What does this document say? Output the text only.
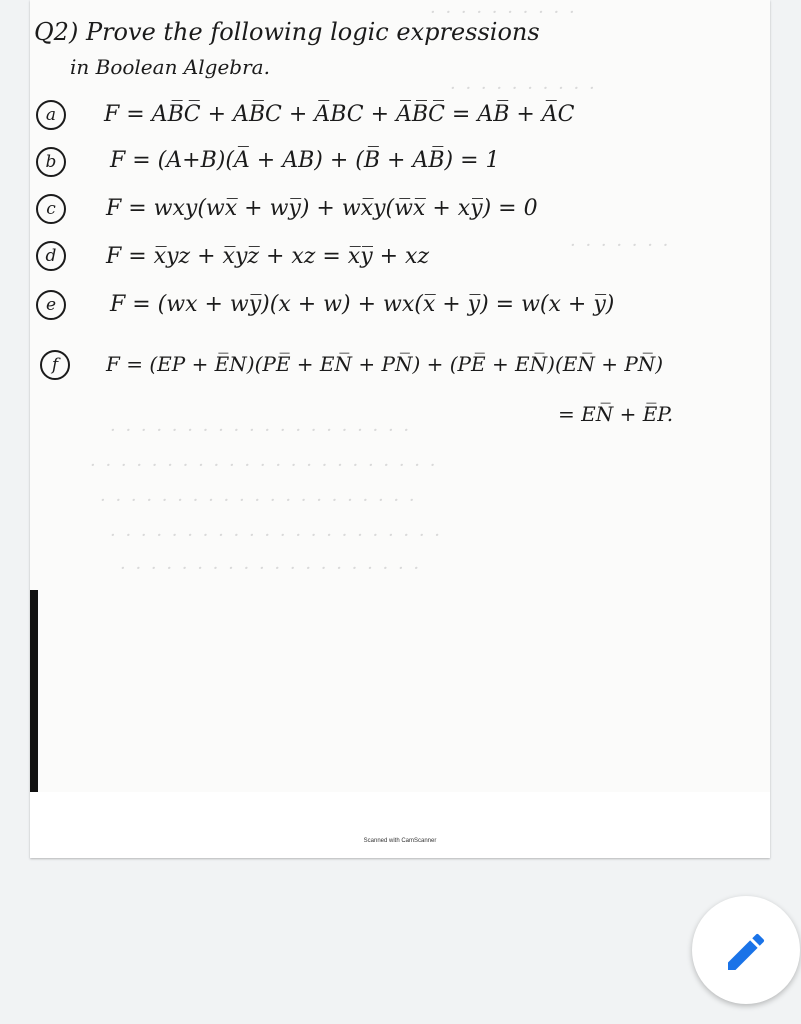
· · · · · · · · · ·
· · · · · · · · · ·
· · · · · · ·
· · · · · · · · · · · · · · · · · · · ·
· · · · · · · · · · · · · · · · · · · · · · ·
· · · · · · · · · · · · · · · · · · · · ·
· · · · · · · · · · · · · · · · · · · · · ·
· · · · · · · · · · · · · · · · · · · ·
Q2) Prove the following logic expressions
in Boolean Algebra.
a	F = AB̅C̅ + AB̅C + A̅BC + A̅B̅C̅ = AB̅ + A̅C
b	F = (A+B)(A̅ + AB) + (B̅ + AB̅) = 1
c	F = wxy(wx̅ + wy̅) + wx̅y(w̅x̅ + xy̅) = 0
d	F = x̅yz + x̅yz̅ + xz = x̅y̅ + xz
e	F = (wx + wy̅)(x + w) + wx(x̅ + y̅) = w(x + y̅)
f	F = (EP + E̅N)(PE̅ + EN̅ + PN̅) + (PE̅ + EN̅)(EN̅ + PN̅)
= EN̅ + E̅P.
Scanned with CamScanner
